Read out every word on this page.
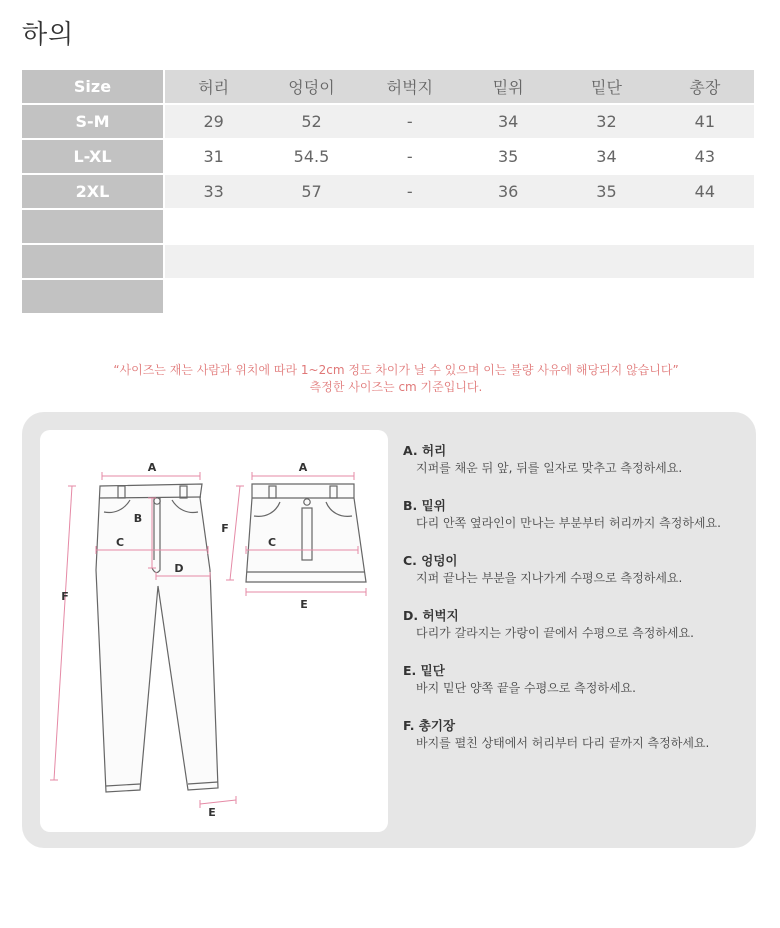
하의
Size	허리	엉덩이	허벅지	밑위	밑단	총장
S-M	29	52	-	34	32	41
L-XL	31	54.5	-	35	34	43
2XL	33	57	-	36	35	44

“사이즈는 재는 사람과 위치에 따라 1~2cm 정도 차이가 날 수 있으며 이는 불량 사유에 해당되지 않습니다”
측정한 사이즈는 cm 기준입니다.
A
B
C
D
F
E
A
C
F
E
A. 허리
지퍼를 채운 뒤 앞, 뒤를 일자로 맞추고 측정하세요.
B. 밑위
다리 안쪽 옆라인이 만나는 부분부터 허리까지 측정하세요.
C. 엉덩이
지퍼 끝나는 부분을 지나가게 수평으로 측정하세요.
D. 허벅지
다리가 갈라지는 가랑이 끝에서 수평으로 측정하세요.
E. 밑단
바지 밑단 양쪽 끝을 수평으로 측정하세요.
F. 총기장
바지를 펼친 상태에서 허리부터 다리 끝까지 측정하세요.
